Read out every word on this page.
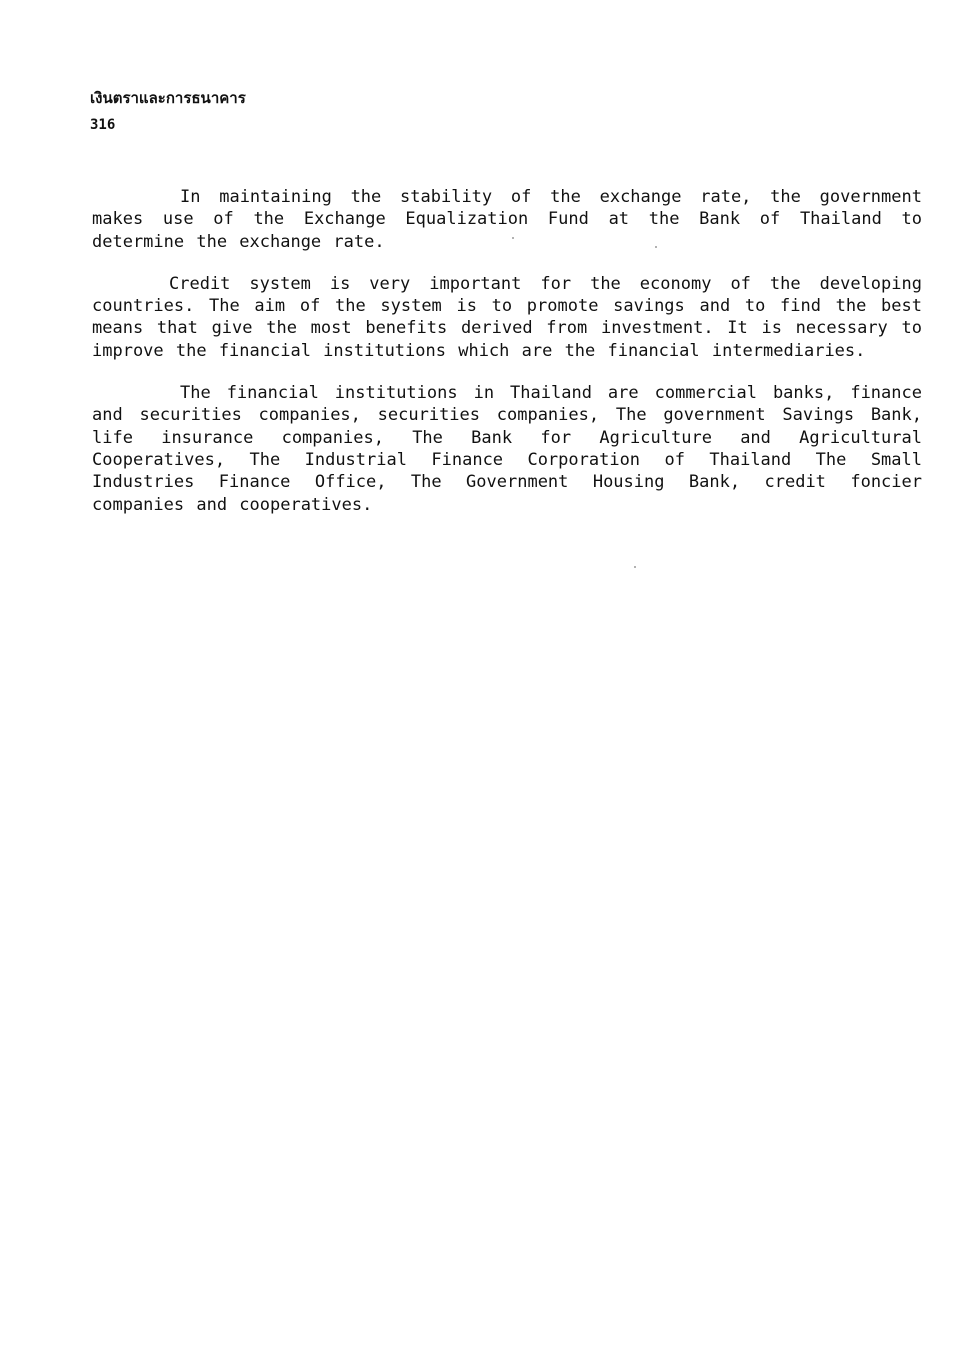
เงินตราและการธนาคาร
316

In maintaining the stability of the exchange rate, the government makes use of the Exchange Equalization Fund at the Bank of Thailand to determine the exchange rate.

Credit system is very important for the economy of the developing countries. The aim of the system is to promote savings and to find the best means that give the most benefits derived from investment. It is necessary to improve the financial institutions which are the financial intermediaries.

The financial institutions in Thailand are commercial banks, finance and securities companies, securities companies, The government Savings Bank, life insurance companies, The Bank for Agriculture and Agricultural Cooperatives, The Industrial Finance Corporation of Thailand The Small Industries Finance Office, The Government Housing Bank, credit foncier companies and cooperatives.
